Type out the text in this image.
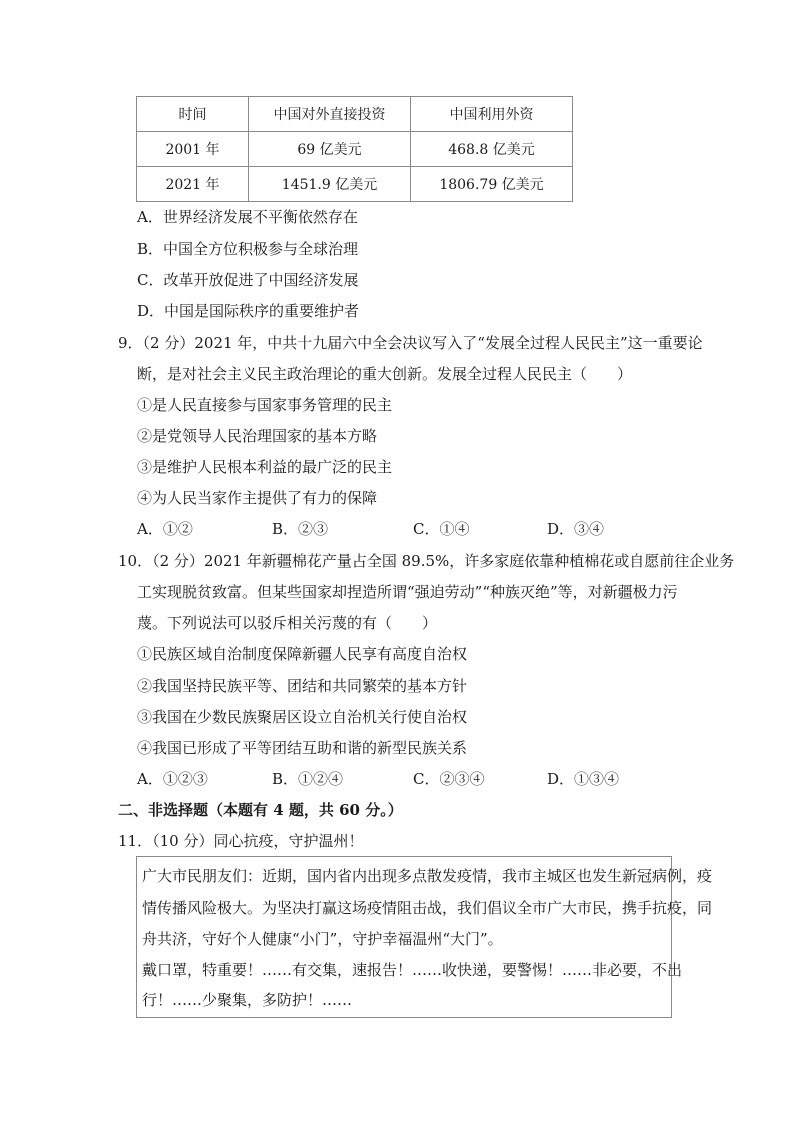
时间	中国对外直接投资	中国利用外资
2001 年	69 亿美元	468.8 亿美元
2021 年	1451.9 亿美元	1806.79 亿美元
A．世界经济发展不平衡依然存在
B．中国全方位积极参与全球治理
C．改革开放促进了中国经济发展
D．中国是国际秩序的重要维护者
9．（2 分）2021 年，中共十九届六中全会决议写入了“发展全过程人民民主”这一重要论
断，是对社会主义民主政治理论的重大创新。发展全过程人民民主（　　）
①是人民直接参与国家事务管理的民主
②是党领导人民治理国家的基本方略
③是维护人民根本利益的最广泛的民主
④为人民当家作主提供了有力的保障
A．①②	B．②③	C．①④	D．③④
10．（2 分）2021 年新疆棉花产量占全国 89.5%，许多家庭依靠种植棉花或自愿前往企业务
工实现脱贫致富。但某些国家却捏造所谓“强迫劳动”“种族灭绝”等，对新疆极力污
蔑。下列说法可以驳斥相关污蔑的有（　　）
①民族区域自治制度保障新疆人民享有高度自治权
②我国坚持民族平等、团结和共同繁荣的基本方针
③我国在少数民族聚居区设立自治机关行使自治权
④我国已形成了平等团结互助和谐的新型民族关系
A．①②③	B．①②④	C．②③④	D．①③④
二、非选择题（本题有 4 题，共 60 分。）
11．（10 分）同心抗疫，守护温州！
广大市民朋友们：近期，国内省内出现多点散发疫情，我市主城区也发生新冠病例，疫
情传播风险极大。为坚决打赢这场疫情阻击战，我们倡议全市广大市民，携手抗疫，同
舟共济，守好个人健康“小门”，守护幸福温州“大门”。
戴口罩，特重要！……有交集，速报告！……收快递，要警惕！……非必要，不出
行！……少聚集，多防护！……
